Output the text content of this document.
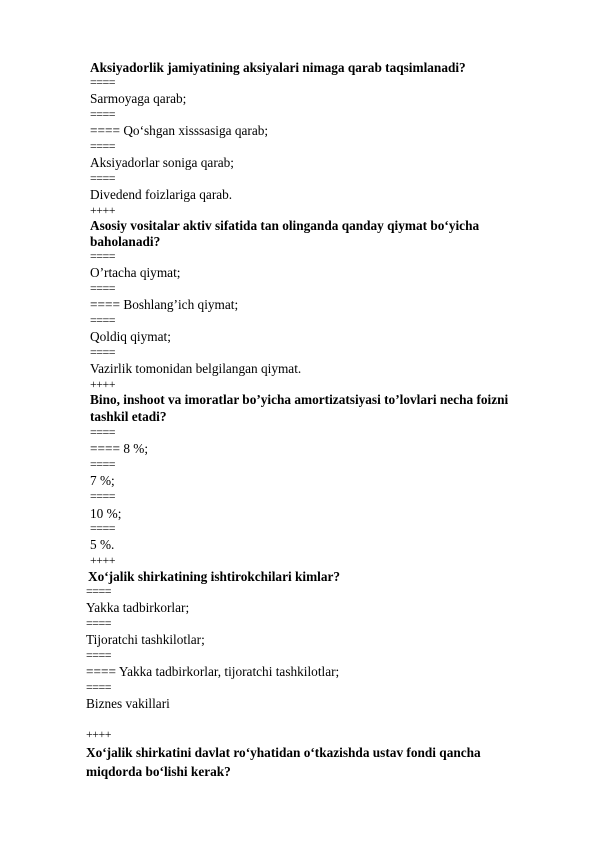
Aksiyadorlik jamiyatining aksiyalari nimaga qarab taqsimlanadi?
====
Sarmoyaga qarab;
====
==== Qo‘shgan xisssasiga qarab;
====
Aksiyadorlar soniga qarab;
====
Divedend foizlariga qarab.
++++
Asosiy vositalar aktiv sifatida tan olinganda qanday qiymat bo‘yicha
baholanadi?
====
O’rtacha qiymat;
====
==== Boshlang’ich qiymat;
====
Qoldiq qiymat;
====
Vazirlik tomonidan belgilangan qiymat.
++++
Bino, inshoot va imoratlar bo’yicha amortizatsiyasi to’lovlari necha foizni
tashkil etadi?
====
==== 8 %;
====
7 %;
====
10 %;
====
5 %.
++++
Xo‘jalik shirkatining ishtirokchilari kimlar?
====
Yakka tadbirkorlar;
====
Tijoratchi tashkilotlar;
====
==== Yakka tadbirkorlar, tijoratchi tashkilotlar;
====
Biznes vakillari
++++
Xo‘jalik shirkatini davlat ro‘yhatidan o‘tkazishda ustav fondi qancha
miqdorda bo‘lishi kerak?
